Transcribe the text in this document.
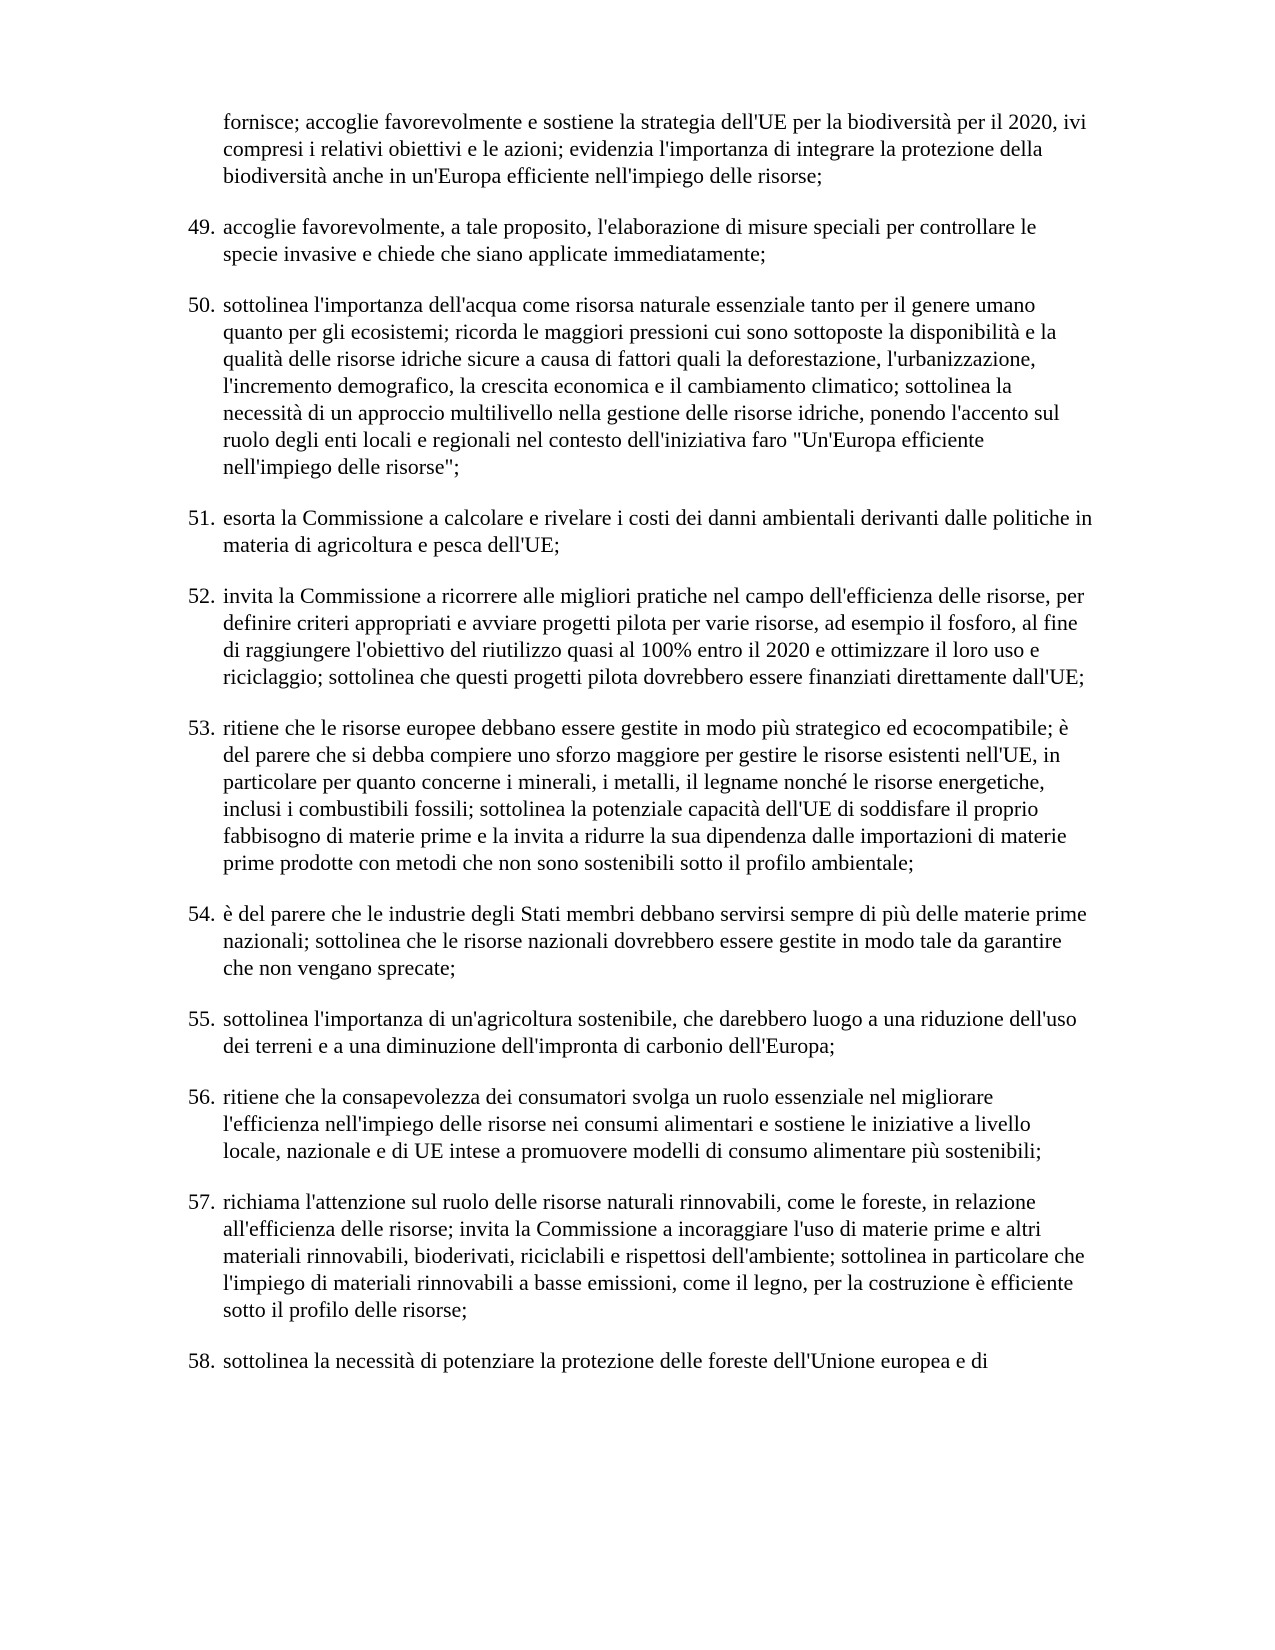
fornisce; accoglie favorevolmente e sostiene la strategia dell'UE per la biodiversità per il 2020, ivi compresi i relativi obiettivi e le azioni; evidenzia l'importanza di integrare la protezione della biodiversità anche in un'Europa efficiente nell'impiego delle risorse;
49. accoglie favorevolmente, a tale proposito, l'elaborazione di misure speciali per controllare le specie invasive e chiede che siano applicate immediatamente;
50. sottolinea l'importanza dell'acqua come risorsa naturale essenziale tanto per il genere umano quanto per gli ecosistemi; ricorda le maggiori pressioni cui sono sottoposte la disponibilità e la qualità delle risorse idriche sicure a causa di fattori quali la deforestazione, l'urbanizzazione, l'incremento demografico, la crescita economica e il cambiamento climatico; sottolinea la necessità di un approccio multilivello nella gestione delle risorse idriche, ponendo l'accento sul ruolo degli enti locali e regionali nel contesto dell'iniziativa faro "Un'Europa efficiente nell'impiego delle risorse";
51. esorta la Commissione a calcolare e rivelare i costi dei danni ambientali derivanti dalle politiche in materia di agricoltura e pesca dell'UE;
52. invita la Commissione a ricorrere alle migliori pratiche nel campo dell'efficienza delle risorse, per definire criteri appropriati e avviare progetti pilota per varie risorse, ad esempio il fosforo, al fine di raggiungere l'obiettivo del riutilizzo quasi al 100% entro il 2020 e ottimizzare il loro uso e riciclaggio; sottolinea che questi progetti pilota dovrebbero essere finanziati direttamente dall'UE;
53. ritiene che le risorse europee debbano essere gestite in modo più strategico ed ecocompatibile; è del parere che si debba compiere uno sforzo maggiore per gestire le risorse esistenti nell'UE, in particolare per quanto concerne i minerali, i metalli, il legname nonché le risorse energetiche, inclusi i combustibili fossili; sottolinea la potenziale capacità dell'UE di soddisfare il proprio fabbisogno di materie prime e la invita a ridurre la sua dipendenza dalle importazioni di materie prime prodotte con metodi che non sono sostenibili sotto il profilo ambientale;
54. è del parere che le industrie degli Stati membri debbano servirsi sempre di più delle materie prime nazionali; sottolinea che le risorse nazionali dovrebbero essere gestite in modo tale da garantire che non vengano sprecate;
55. sottolinea l'importanza di un'agricoltura sostenibile, che darebbero luogo a una riduzione dell'uso dei terreni e a una diminuzione dell'impronta di carbonio dell'Europa;
56. ritiene che la consapevolezza dei consumatori svolga un ruolo essenziale nel migliorare l'efficienza nell'impiego delle risorse nei consumi alimentari e sostiene le iniziative a livello locale, nazionale e di UE intese a promuovere modelli di consumo alimentare più sostenibili;
57. richiama l'attenzione sul ruolo delle risorse naturali rinnovabili, come le foreste, in relazione all'efficienza delle risorse; invita la Commissione a incoraggiare l'uso di materie prime e altri materiali rinnovabili, bioderivati, riciclabili e rispettosi dell'ambiente; sottolinea in particolare che l'impiego di materiali rinnovabili a basse emissioni, come il legno, per la costruzione è efficiente sotto il profilo delle risorse;
58. sottolinea la necessità di potenziare la protezione delle foreste dell'Unione europea e di
